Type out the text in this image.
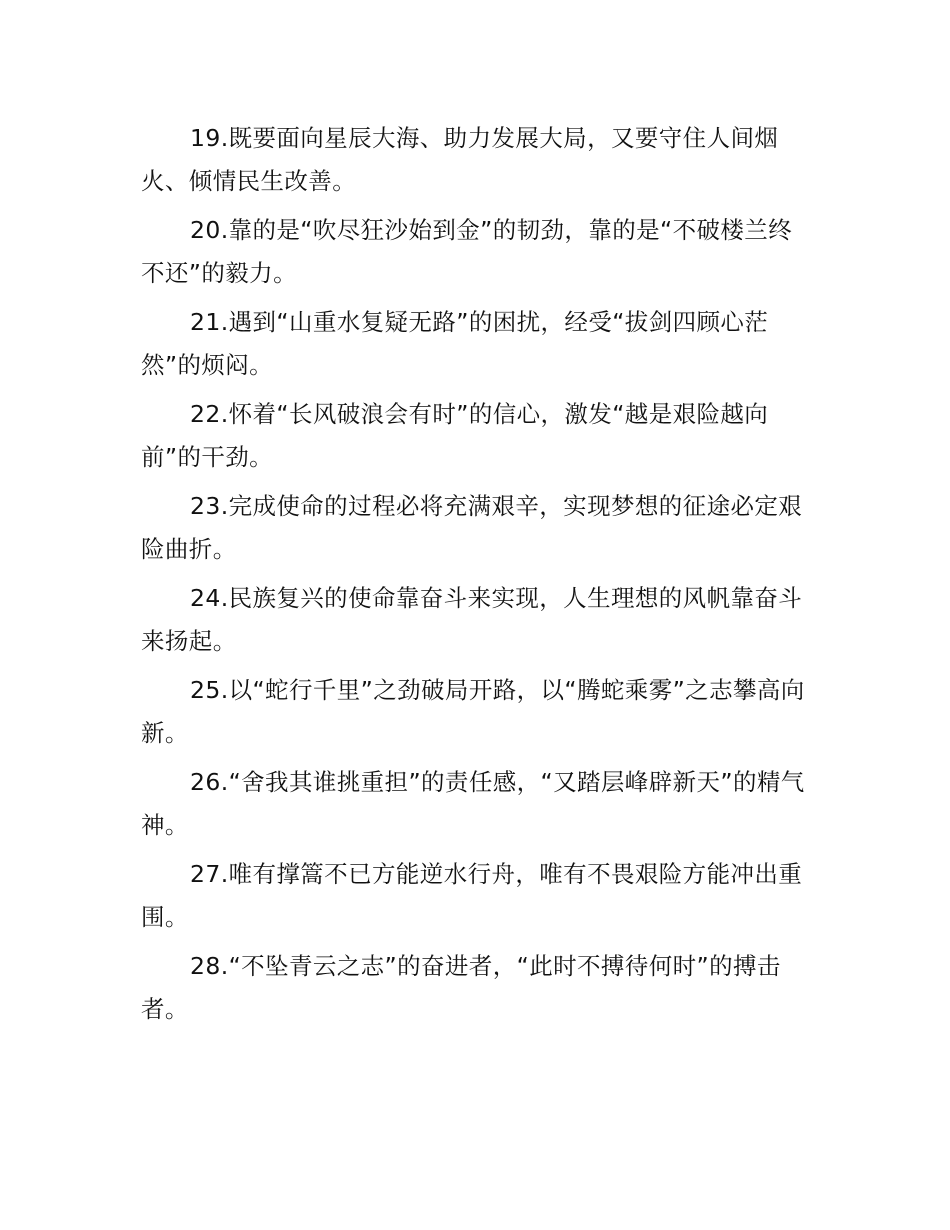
19.既要面向星辰大海、助力发展大局，又要守住人间烟火、倾情民生改善。

20.靠的是“吹尽狂沙始到金”的韧劲，靠的是“不破楼兰终不还”的毅力。

21.遇到“山重水复疑无路”的困扰，经受“拔剑四顾心茫然”的烦闷。

22.怀着“长风破浪会有时”的信心，激发“越是艰险越向前”的干劲。

23.完成使命的过程必将充满艰辛，实现梦想的征途必定艰险曲折。

24.民族复兴的使命靠奋斗来实现，人生理想的风帆靠奋斗来扬起。

25.以“蛇行千里”之劲破局开路，以“腾蛇乘雾”之志攀高向新。

26.“舍我其谁挑重担”的责任感，“又踏层峰辟新天”的精气神。

27.唯有撑篙不已方能逆水行舟，唯有不畏艰险方能冲出重围。

28.“不坠青云之志”的奋进者，“此时不搏待何时”的搏击者。
